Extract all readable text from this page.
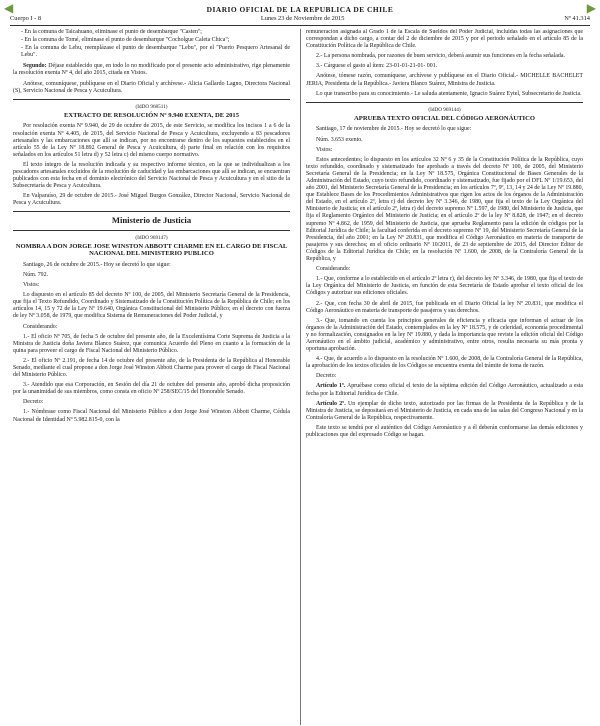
◀	DIARIO OFICIAL DE LA REPUBLICA DE CHILE	▶
Cuerpo I - 8	Lunes 23 de Noviembre de 2015	Nº 41.314
- En la comuna de Talcahuano, eliminase el punto de desembarque "Casten";
- En la comuna de Tomé, eliminase el punto de desembarque "Cocholgue Caleta Chica";
- En la comuna de Lebu, reemplázase el punto de desembarque "Lebu", por el "Puerto Pesquero Artesanal de Lebu".

Segundo: Déjase establecido que, en todo lo no modificado por el presente acto administrativo, rige plenamente la resolución exenta Nº 4, del año 2015, citada en Vistos.

Anótese, comuníquese, publíquese en el Diario Oficial y archívese.- Alicia Gallardo Lagno, Directora Nacional (S), Servicio Nacional de Pesca y Acuicultura.

(IdDO 968511)
EXTRACTO DE RESOLUCIÓN Nº 9.940 EXENTA, DE 2015

Por resolución exenta Nº 9.940, de 29 de octubre de 2015, de este Servicio, se modifica los incisos 1 a 6 de la resolución exenta Nº 4.405, de 2015, del Servicio Nacional de Pesca y Acuicultura, excluyendo a 83 pescadores artesanales y las embarcaciones que allí se indican, por no encontrarse dentro de los supuestos establecidos en el artículo 55 de la Ley Nº 18.892 General de Pesca y Acuicultura, d) parte final en relación con los requisitos señalados en los artículos 51 letra d) y 52 letra c) del mismo cuerpo normativo.

El texto íntegro de la resolución indicada y su respectivo informe técnico, en la que se individualizan a los pescadores artesanales excluidos de la resolución de caducidad y las embarcaciones que allí se indican, se encuentran publicados con esta fecha en el dominio electrónico del Servicio Nacional de Pesca y Acuicultura y en el sitio de la Subsecretaría de Pesca y Acuicultura.

En Valparaíso, 29 de octubre de 2015.- José Miguel Burgos González, Director Nacional, Servicio Nacional de Pesca y Acuicultura.

Ministerio de Justicia
(IdDO 969147)
NOMBRA A DON JORGE JOSE WINSTON ABBOTT CHARME EN EL CARGO DE FISCAL NACIONAL DEL MINISTERIO PUBLICO

Santiago, 26 de octubre de 2015.- Hoy se decretó lo que sigue:

Núm. 792.

Vistos:

Lo dispuesto en el artículo 85 del decreto Nº 100, de 2005, del Ministerio Secretaría General de la Presidencia, que fija el Texto Refundido, Coordinado y Sistematizado de la Constitución Política de la República de Chile; en los artículos 14, 15 y 72 de la Ley Nº 19.640, Orgánica Constitucional del Ministerio Público; en el decreto con fuerza de ley Nº 3.058, de 1979, que modifica Sistema de Remuneraciones del Poder Judicial, y

Considerando:

1.- El oficio Nº 705, de fecha 5 de octubre del presente año, de la Excelentísima Corte Suprema de Justicia a la Ministra de Justicia doña Javiera Blanco Suárez, que comunica Acuerdo del Pleno en cuanto a la formación de la quina para proveer el cargo de Fiscal Nacional del Ministerio Público.

2.- El oficio Nº 2.191, de fecha 14 de octubre del presente año, de la Presidenta de la República al Honorable Senado, mediante el cual propone a don Jorge José Winston Abbott Charme para proveer el cargo de Fiscal Nacional del Ministerio Público.

3.- Atendido que esa Corporación, en Sesión del día 21 de octubre del presente año, aprobó dicha proposición por la unanimidad de sus miembros, como consta en oficio Nº 258/SEC/15 del Honorable Senado.

Decreto:

1.- Nómbrase como Fiscal Nacional del Ministerio Público a don Jorge José Winston Abbott Charme, Cédula Nacional de Identidad Nº 5.982.815-0, con la

remuneración asignada al Grado 1 de la Escala de Sueldos del Poder Judicial, incluidas todas las asignaciones que correspondan a dicho cargo, a contar del 2 de diciembre de 2015 y por el periodo señalado en el artículo 85 de la Constitución Política de la República de Chile.

2.- La persona nombrada, por razones de buen servicio, deberá asumir sus funciones en la fecha señalada.

3.- Cárguese el gasto al ítem: 23-01-01-21-01- 001.

Anótese, tómese razón, comuníquese, archívese y publíquese en el Diario Oficial.- MICHELLE BACHELET JERIA, Presidenta de la República.- Javiera Blanco Suárez, Ministra de Justicia.

Lo que transcribo para su conocimiento.- Le saluda atentamente, Ignacio Suárez Eytel, Subsecretario de Justicia.

(IdDO 969144)
APRUEBA TEXTO OFICIAL DEL CÓDIGO AERONÁUTICO

Santiago, 17 de noviembre de 2015.- Hoy se decretó lo que sigue:

Núm. 3.653 exento.

Vistos:

Estos antecedentes; lo dispuesto en los artículos 32 Nº 6 y 35 de la Constitución Política de la República, cuyo texto refundido, coordinado y sistematizado fue aprobado a través del decreto Nº 100, de 2005, del Ministerio Secretaría General de la Presidencia; en la Ley Nº 18.575, Orgánica Constitucional de Bases Generales de la Administración del Estado, cuyo texto refundido, coordinado y sistematizado, fue fijado por el DFL Nº 1/19.653, del año 2001, del Ministerio Secretaría General de la Presidencia; en los artículos 7º, 9º, 13, 14 y 24 de la Ley Nº 19.880, que Establece Bases de los Procedimientos Administrativos que rigen los actos de los órganos de la Administración del Estado, en el artículo 2º, letra r) del decreto ley Nº 3.346, de 1980, que fija el texto de la Ley Orgánica del Ministerio de Justicia; en el artículo 2º, letra r) del decreto supremo Nº 1.597, de 1980, del Ministerio de Justicia, que fija el Reglamento Orgánico del Ministerio de Justicia; en el artículo 2º de la ley Nº 8.828, de 1947; en el decreto supremo Nº 4.862, de 1959, del Ministerio de Justicia, que aprueba Reglamento para la edición de códigos por la Editorial Jurídica de Chile; la facultad conferida en el decreto supremo Nº 19, del Ministerio Secretaría General de la Presidencia, del año 2001; en la Ley Nº 20.831, que modifica el Código Aeronáutico en materia de transporte de pasajeros y sus derechos; en el oficio ordinario Nº 10/2011, de 23 de septiembre de 2015, del Director Editor de Códigos de la Editorial Jurídica de Chile; en la resolución Nº 1.600, de 2008, de la Contraloría General de la República, y

Considerando:

1.- Que, conforme a lo establecido en el artículo 2º letra r), del decreto ley Nº 3.346, de 1980, que fija el texto de la Ley Orgánica del Ministerio de Justicia, en función de esta Secretaría de Estado aprobar el texto oficial de los Códigos y autorizar sus ediciones oficiales.

2.- Que, con fecha 30 de abril de 2015, fue publicada en el Diario Oficial la ley Nº 20.831, que modifica el Código Aeronáutico en materia de transporte de pasajeros y sus derechos.

3.- Que, tomando en cuenta los principios generales de eficiencia y eficacia que informan el actuar de los órganos de la Administración del Estado, contemplados en la ley Nº 18.575, y de celeridad, economía procedimental y no formalización, consignados en la ley Nº 19.880, y dada la importancia que reviste la edición oficial del Código Aeronáutico en el ámbito judicial, académico y administrativo, entre otros, resulta necesaria su más pronta y oportuna aprobación.

4.- Que, de acuerdo a lo dispuesto en la resolución Nº 1.600, de 2008, de la Contraloría General de la República, la aprobación de los textos oficiales de los Códigos se encuentra exenta del trámite de toma de razón.

Decreto:

Artículo 1º. Apruébase como oficial el texto de la séptima edición del Código Aeronáutico, actualizado a esta fecha por la Editorial Jurídica de Chile.

Artículo 2º. Un ejemplar de dicho texto, autorizado por las firmas de la Presidenta de la República y de la Ministra de Justicia, se depositará en el Ministerio de Justicia, en cada una de las salas del Congreso Nacional y en la Contraloría General de la República, respectivamente.

Este texto se tendrá por el auténtico del Código Aeronáutico y a él deberán conformarse las demás ediciones y publicaciones que del expresado Código se hagan.
